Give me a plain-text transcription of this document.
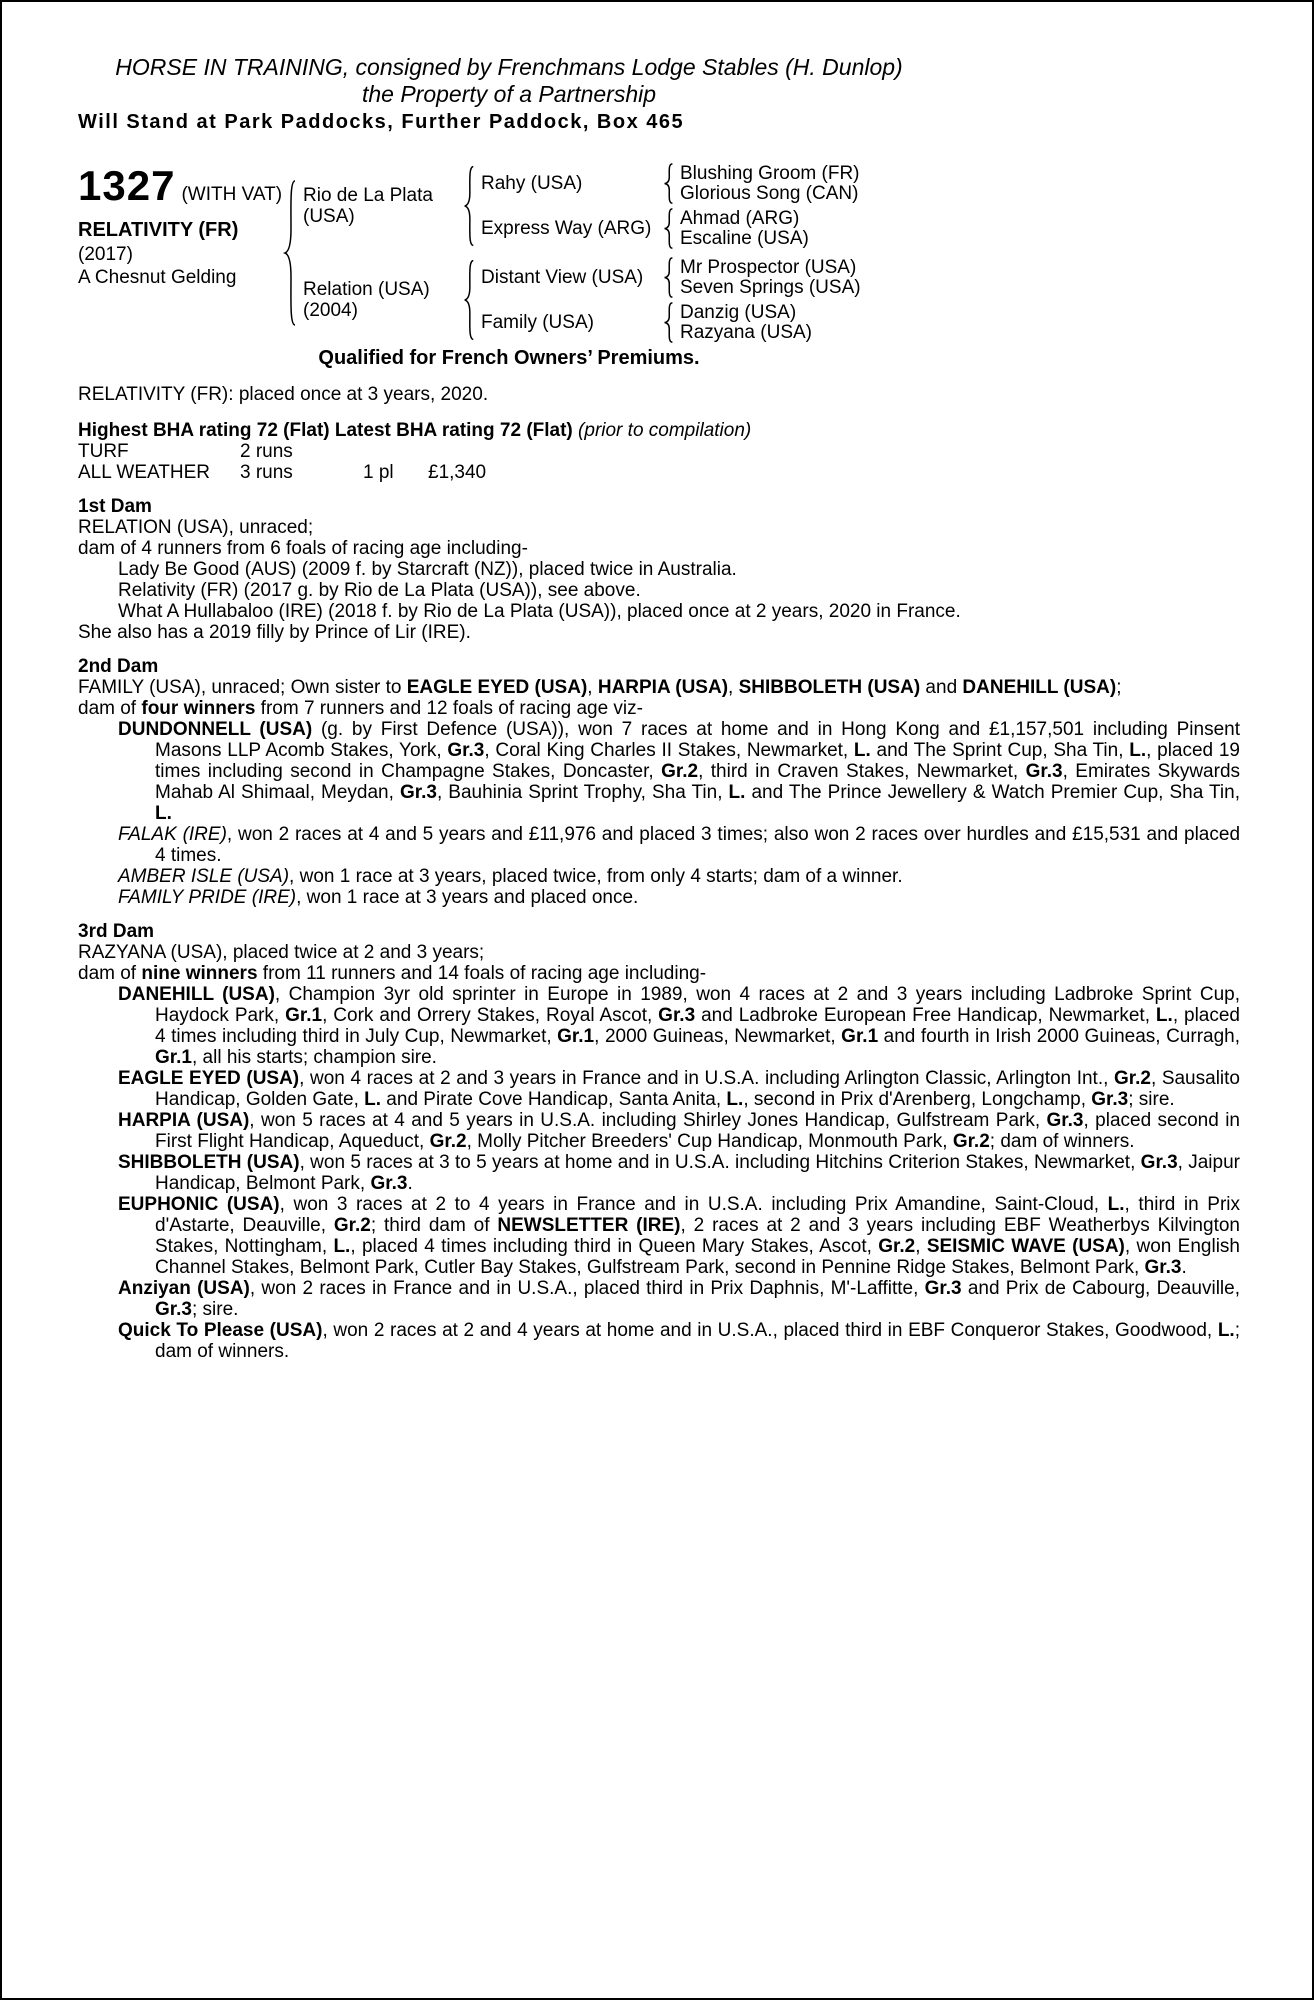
HORSE IN TRAINING, consigned by Frenchmans Lodge Stables (H. Dunlop)
the Property of a Partnership
Will Stand at Park Paddocks, Further Paddock, Box 465
1327 (WITH VAT)
RELATIVITY (FR)
(2017)
A Chesnut Gelding
Rio de La Plata (USA)
Rahy (USA)	Blushing Groom (FR)
Glorious Song (CAN)
Express Way (ARG)	Ahmad (ARG)
Escaline (USA)
Relation (USA) (2004)
Distant View (USA)	Mr Prospector (USA)
Seven Springs (USA)
Family (USA)	Danzig (USA)
Razyana (USA)
Qualified for French Owners’ Premiums.

RELATIVITY (FR): placed once at 3 years, 2020.

Highest BHA rating 72 (Flat) Latest BHA rating 72 (Flat) (prior to compilation)

TURF	2 runs
ALL WEATHER	3 runs	1 pl	£1,340
1st Dam

RELATION (USA), unraced;

dam of 4 runners from 6 foals of racing age including-

Lady Be Good (AUS) (2009 f. by Starcraft (NZ)), placed twice in Australia.

Relativity (FR) (2017 g. by Rio de La Plata (USA)), see above.

What A Hullabaloo (IRE) (2018 f. by Rio de La Plata (USA)), placed once at 2 years, 2020 in France.

She also has a 2019 filly by Prince of Lir (IRE).

2nd Dam

FAMILY (USA), unraced; Own sister to EAGLE EYED (USA), HARPIA (USA), SHIBBOLETH (USA) and DANEHILL (USA);

dam of four winners from 7 runners and 12 foals of racing age viz-

DUNDONNELL (USA) (g. by First Defence (USA)), won 7 races at home and in Hong Kong and £1,157,501 including Pinsent Masons LLP Acomb Stakes, York, Gr.3, Coral King Charles II Stakes, Newmarket, L. and The Sprint Cup, Sha Tin, L., placed 19 times including second in Champagne Stakes, Doncaster, Gr.2, third in Craven Stakes, Newmarket, Gr.3, Emirates Skywards Mahab Al Shimaal, Meydan, Gr.3, Bauhinia Sprint Trophy, Sha Tin, L. and The Prince Jewellery & Watch Premier Cup, Sha Tin, L.

FALAK (IRE), won 2 races at 4 and 5 years and £11,976 and placed 3 times; also won 2 races over hurdles and £15,531 and placed 4 times.

AMBER ISLE (USA), won 1 race at 3 years, placed twice, from only 4 starts; dam of a winner.

FAMILY PRIDE (IRE), won 1 race at 3 years and placed once.

3rd Dam

RAZYANA (USA), placed twice at 2 and 3 years;

dam of nine winners from 11 runners and 14 foals of racing age including-

DANEHILL (USA), Champion 3yr old sprinter in Europe in 1989, won 4 races at 2 and 3 years including Ladbroke Sprint Cup, Haydock Park, Gr.1, Cork and Orrery Stakes, Royal Ascot, Gr.3 and Ladbroke European Free Handicap, Newmarket, L., placed 4 times including third in July Cup, Newmarket, Gr.1, 2000 Guineas, Newmarket, Gr.1 and fourth in Irish 2000 Guineas, Curragh, Gr.1, all his starts; champion sire.

EAGLE EYED (USA), won 4 races at 2 and 3 years in France and in U.S.A. including Arlington Classic, Arlington Int., Gr.2, Sausalito Handicap, Golden Gate, L. and Pirate Cove Handicap, Santa Anita, L., second in Prix d'Arenberg, Longchamp, Gr.3; sire.

HARPIA (USA), won 5 races at 4 and 5 years in U.S.A. including Shirley Jones Handicap, Gulfstream Park, Gr.3, placed second in First Flight Handicap, Aqueduct, Gr.2, Molly Pitcher Breeders' Cup Handicap, Monmouth Park, Gr.2; dam of winners.

SHIBBOLETH (USA), won 5 races at 3 to 5 years at home and in U.S.A. including Hitchins Criterion Stakes, Newmarket, Gr.3, Jaipur Handicap, Belmont Park, Gr.3.

EUPHONIC (USA), won 3 races at 2 to 4 years in France and in U.S.A. including Prix Amandine, Saint-Cloud, L., third in Prix d'Astarte, Deauville, Gr.2; third dam of NEWSLETTER (IRE), 2 races at 2 and 3 years including EBF Weatherbys Kilvington Stakes, Nottingham, L., placed 4 times including third in Queen Mary Stakes, Ascot, Gr.2, SEISMIC WAVE (USA), won English Channel Stakes, Belmont Park, Cutler Bay Stakes, Gulfstream Park, second in Pennine Ridge Stakes, Belmont Park, Gr.3.

Anziyan (USA), won 2 races in France and in U.S.A., placed third in Prix Daphnis, M'-Laffitte, Gr.3 and Prix de Cabourg, Deauville, Gr.3; sire.

Quick To Please (USA), won 2 races at 2 and 4 years at home and in U.S.A., placed third in EBF Conqueror Stakes, Goodwood, L.; dam of winners.
